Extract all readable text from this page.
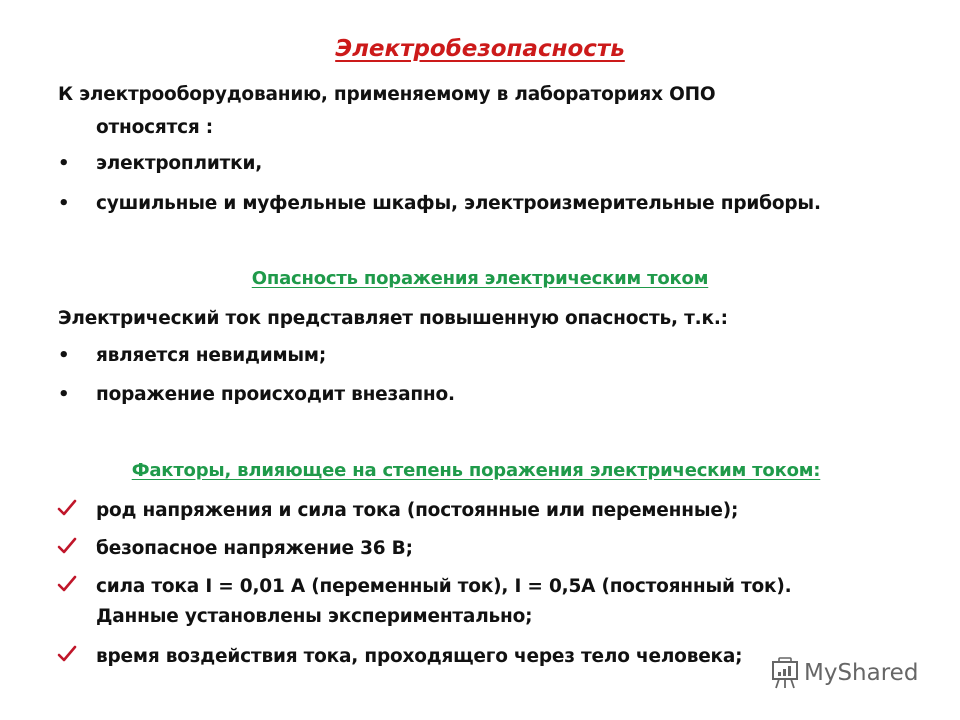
Электробезопасность
К электрооборудованию, применяемому в лабораториях ОПО
относятся :
• электроплитки,
• сушильные и муфельные шкафы, электроизмерительные приборы.
Опасность поражения электрическим током
Электрический ток представляет повышенную опасность, т.к.:
• является невидимым;
• поражение происходит внезапно.
Факторы, влияющее на степень поражения электрическим током:
род напряжения и сила тока (постоянные или переменные);
безопасное напряжение 36 В;
сила тока I = 0,01 А (переменный ток), I = 0,5А (постоянный ток).
Данные установлены экспериментально;
время воздействия тока, проходящего через тело человека;
MyShared
